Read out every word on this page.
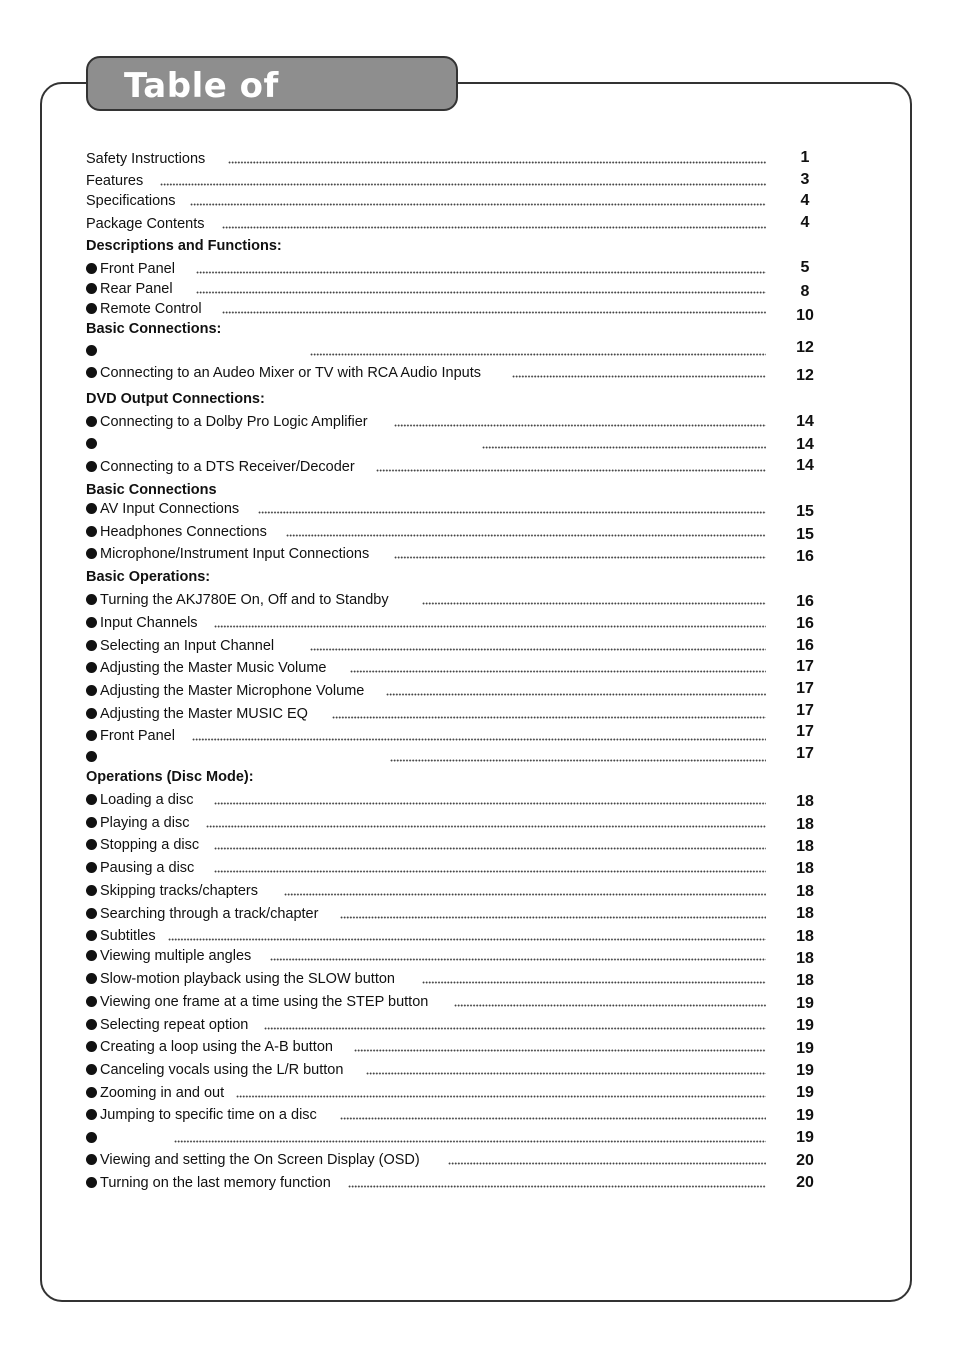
Table of Contents
Safety Instructions	1
Features	3
Specifications	4
Package Contents	4
Descriptions and Functions:
Front Panel	5
Rear Panel	8
Remote Control	10
Basic Connections:
12
Connecting to an Audeo Mixer or TV with RCA Audio Inputs	12
DVD Output Connections:
Connecting to a Dolby Pro Logic Amplifier	14
14
Connecting to a DTS Receiver/Decoder	14
Basic Connections
AV Input Connections	15
Headphones Connections	15
Microphone/Instrument Input Connections	16
Basic Operations:
Turning the AKJ780E On, Off and to Standby	16
Input Channels	16
Selecting an Input Channel	16
Adjusting the Master Music Volume	17
Adjusting the Master Microphone Volume	17
Adjusting the Master MUSIC EQ	17
Front Panel	17
17
Operations (Disc Mode):
Loading a disc	18
Playing a disc	18
Stopping a disc	18
Pausing a disc	18
Skipping tracks/chapters	18
Searching through a track/chapter	18
Subtitles	18
Viewing multiple angles	18
Slow-motion playback using the SLOW button	18
Viewing one frame at a time using the STEP button	19
Selecting repeat option	19
Creating a loop using the A-B button	19
Canceling vocals using the L/R button	19
Zooming in and out	19
Jumping to specific time on a disc	19
19
Viewing and setting the On Screen Display (OSD)	20
Turning on the last memory function	20
